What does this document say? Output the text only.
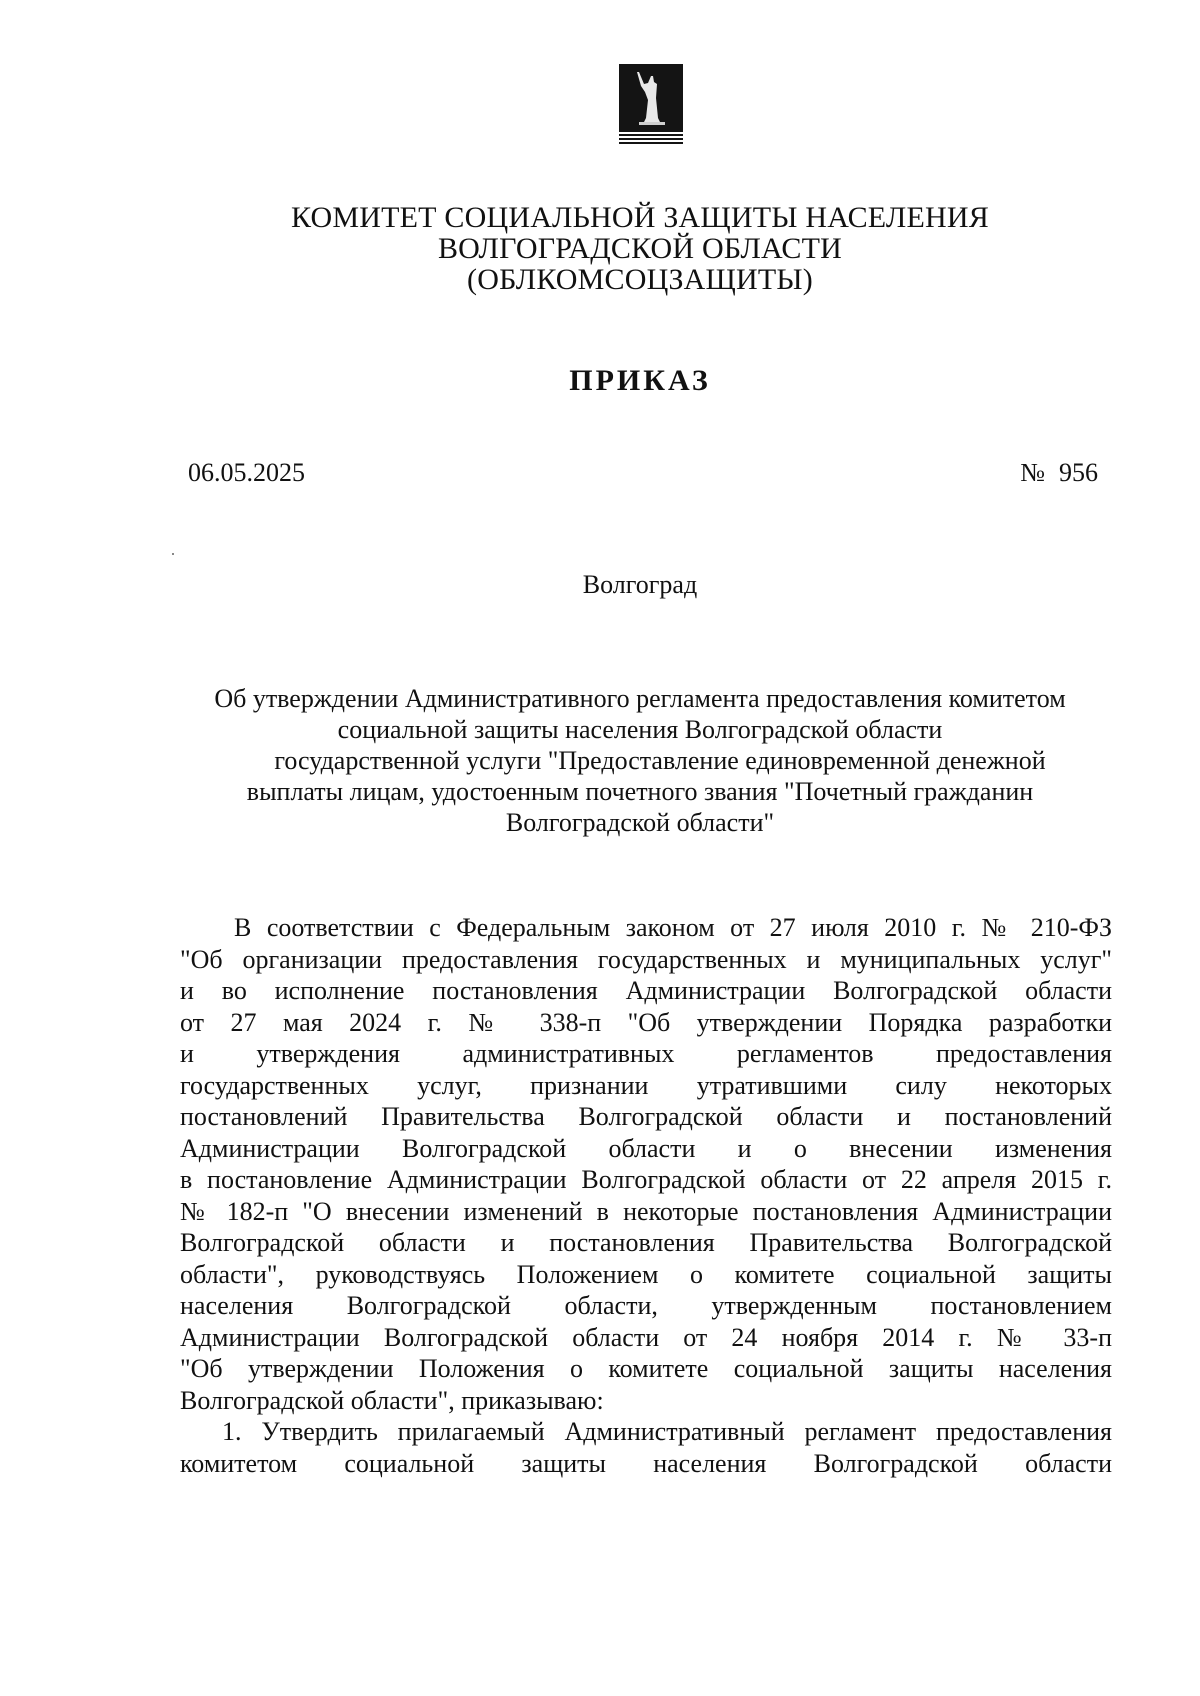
КОМИТЕТ СОЦИАЛЬНОЙ ЗАЩИТЫ НАСЕЛЕНИЯ
ВОЛГОГРАДСКОЙ ОБЛАСТИ
(ОБЛКОМСОЦЗАЩИТЫ)
ПРИКАЗ
06.05.2025	№ 956
Волгоград
Об утверждении Административного регламента предоставления комитетом
социальной защиты населения Волгоградской области
государственной услуги "Предоставление единовременной денежной
выплаты лицам, удостоенным почетного звания "Почетный гражданин
Волгоградской области"
В соответствии с Федеральным законом от 27 июля 2010 г. № 210-ФЗ
"Об организации предоставления государственных и муниципальных услуг"
и во исполнение постановления Администрации Волгоградской области
от 27 мая 2024 г. № 338-п "Об утверждении Порядка разработки
и утверждения административных регламентов предоставления
государственных услуг, признании утратившими силу некоторых
постановлений Правительства Волгоградской области и постановлений
Администрации Волгоградской области и о внесении изменения
в постановление Администрации Волгоградской области от 22 апреля 2015 г.
№ 182-п "О внесении изменений в некоторые постановления Администрации
Волгоградской области и постановления Правительства Волгоградской
области", руководствуясь Положением о комитете социальной защиты
населения Волгоградской области, утвержденным постановлением
Администрации Волгоградской области от 24 ноября 2014 г. № 33-п
"Об утверждении Положения о комитете социальной защиты населения
Волгоградской области", приказываю:
1. Утвердить прилагаемый Административный регламент предоставления
комитетом социальной защиты населения Волгоградской области
